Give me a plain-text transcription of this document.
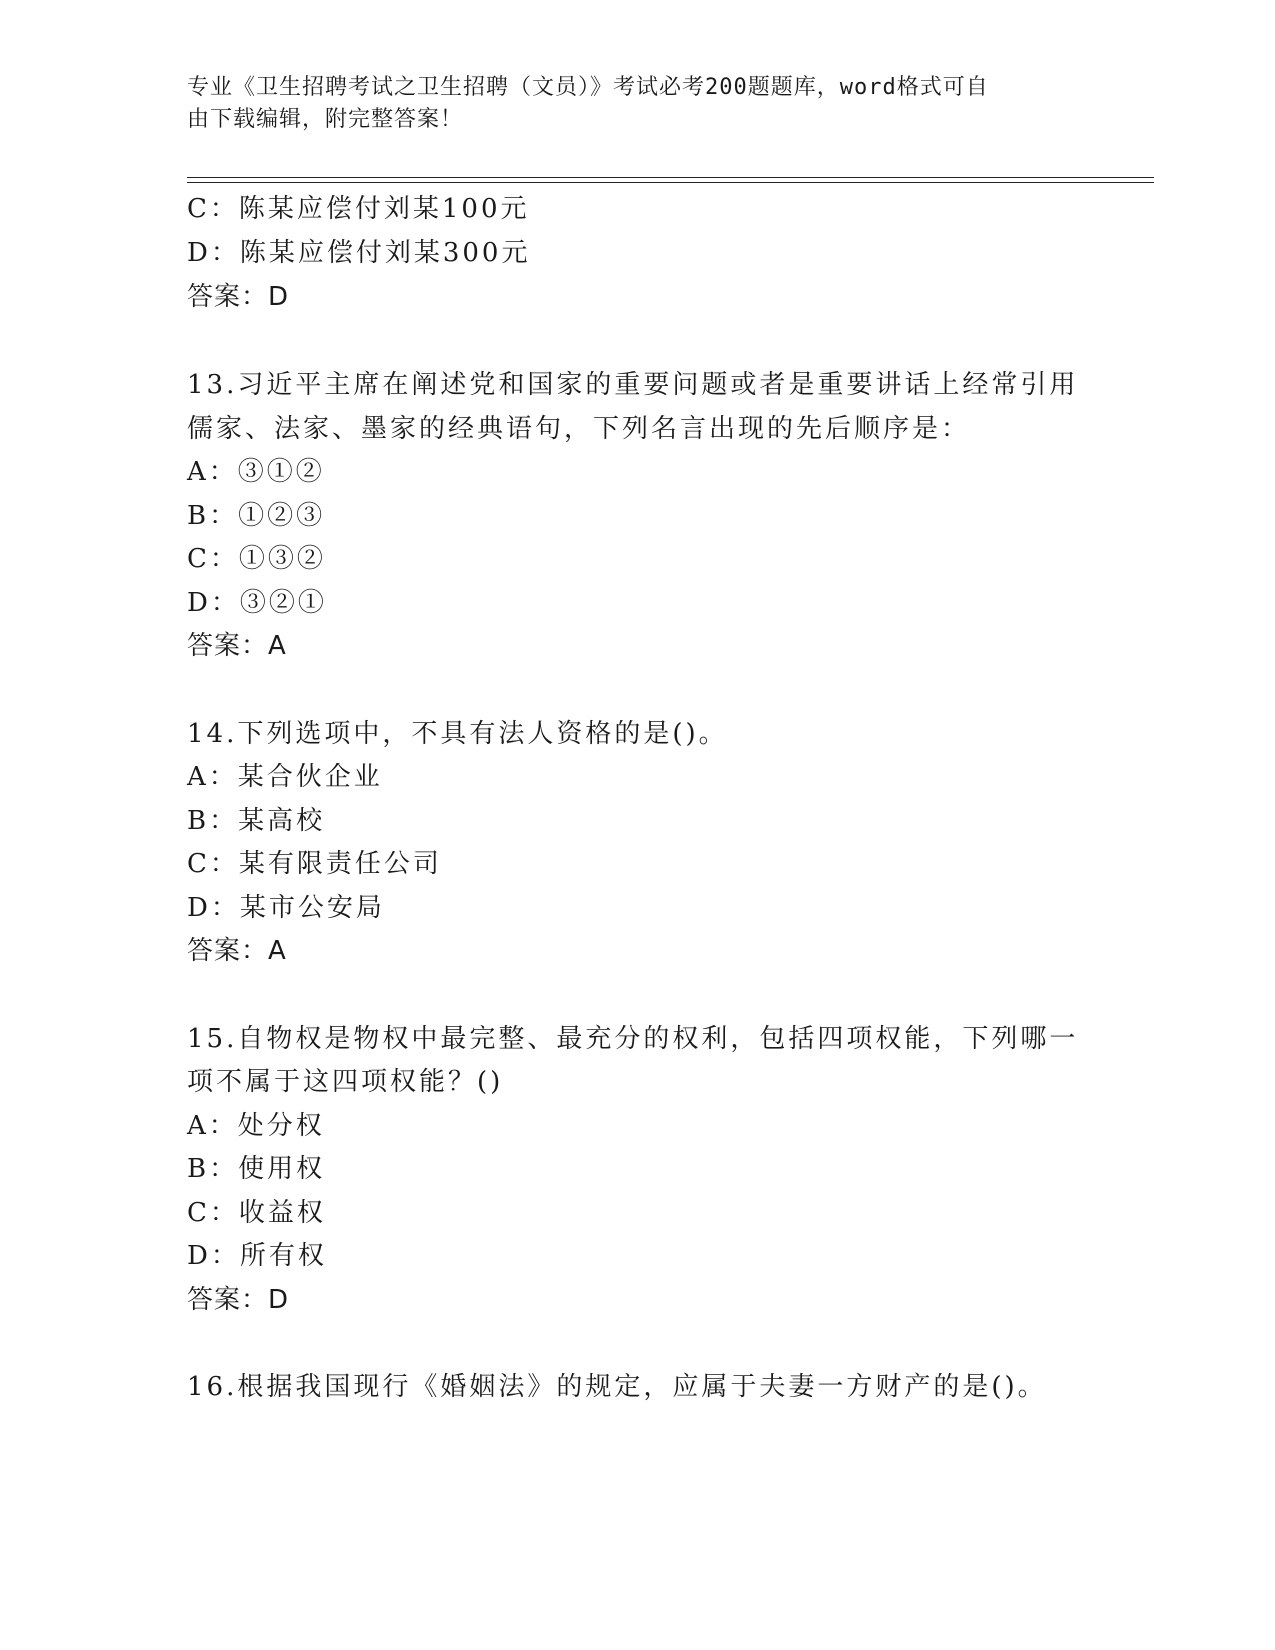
专业《卫生招聘考试之卫生招聘（文员）》考试必考200题题库，word格式可自
由下载编辑，附完整答案！
C：陈某应偿付刘某100元
D：陈某应偿付刘某300元
答案：D
13.习近平主席在阐述党和国家的重要问题或者是重要讲话上经常引用
儒家、法家、墨家的经典语句，下列名言出现的先后顺序是：
A：③①②
B：①②③
C：①③②
D：③②①
答案：A
14.下列选项中，不具有法人资格的是()。
A：某合伙企业
B：某高校
C：某有限责任公司
D：某市公安局
答案：A
15.自物权是物权中最完整、最充分的权利，包括四项权能，下列哪一
项不属于这四项权能？()
A：处分权
B：使用权
C：收益权
D：所有权
答案：D
16.根据我国现行《婚姻法》的规定，应属于夫妻一方财产的是()。
